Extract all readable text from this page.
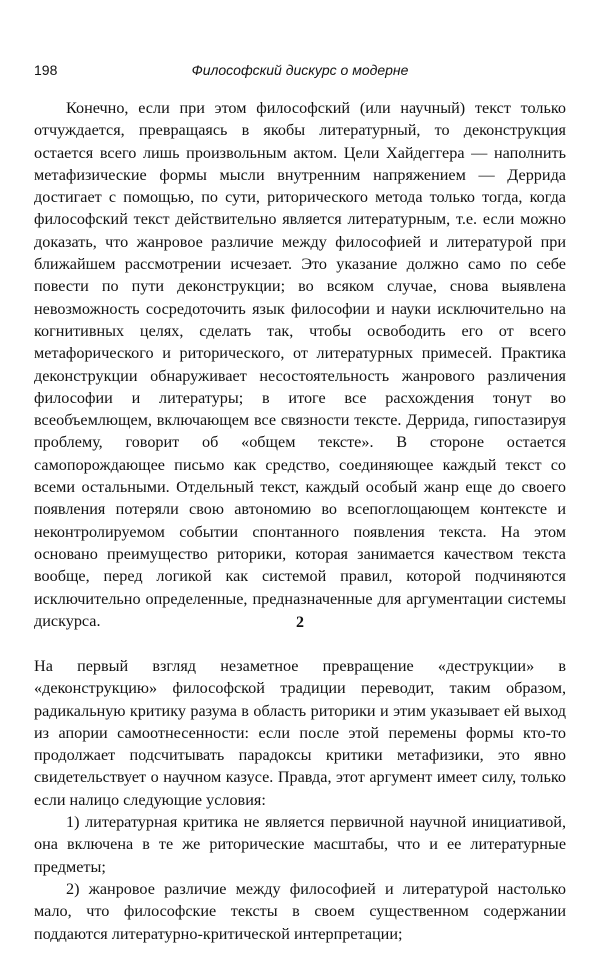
198	Философский дискурс о модерне

Конечно, если при этом философский (или научный) текст только отчуждается, превращаясь в якобы литературный, то деконструкция остается всего лишь произвольным актом. Цели Хайдеггера — наполнить метафизические формы мысли внутренним напряжением — Деррида достигает с помощью, по сути, риторического метода только тогда, когда философский текст действительно является литературным, т.е. если можно доказать, что жанровое различие между философией и литературой при ближайшем рассмотрении исчезает. Это указание должно само по себе повести по пути деконструкции; во всяком случае, снова выявлена невозможность сосредоточить язык философии и науки исключительно на когнитивных целях, сделать так, чтобы освободить его от всего метафорического и риторического, от литературных примесей. Практика деконструкции обнаруживает несостоятельность жанрового различения философии и литературы; в итоге все расхождения тонут во всеобъемлющем, включающем все связности тексте. Деррида, гипостазируя проблему, говорит об «общем тексте». В стороне остается самопорождающее письмо как средство, соединяющее каждый текст со всеми остальными. Отдельный текст, каждый особый жанр еще до своего появления потеряли свою автономию во всепоглощающем контексте и неконтролируемом событии спонтанного появления текста. На этом основано преимущество риторики, которая занимается качеством текста вообще, перед логикой как системой правил, которой подчиняются исключительно определенные, предназначенные для аргументации системы дискурса.	2

На первый взгляд незаметное превращение «деструкции» в «деконструкцию» философской традиции переводит, таким образом, радикальную критику разума в область риторики и этим указывает ей выход из апории самоотнесенности: если после этой перемены формы кто-то продолжает подсчитывать парадоксы критики метафизики, это явно свидетельствует о научном казусе. Правда, этот аргумент имеет силу, только если налицо следующие условия:

1) литературная критика не является первичной научной инициативой, она включена в те же риторические масштабы, что и ее литературные предметы;

2) жанровое различие между философией и литературой настолько мало, что философские тексты в своем существенном содержании поддаются литературно-критической интерпретации;
